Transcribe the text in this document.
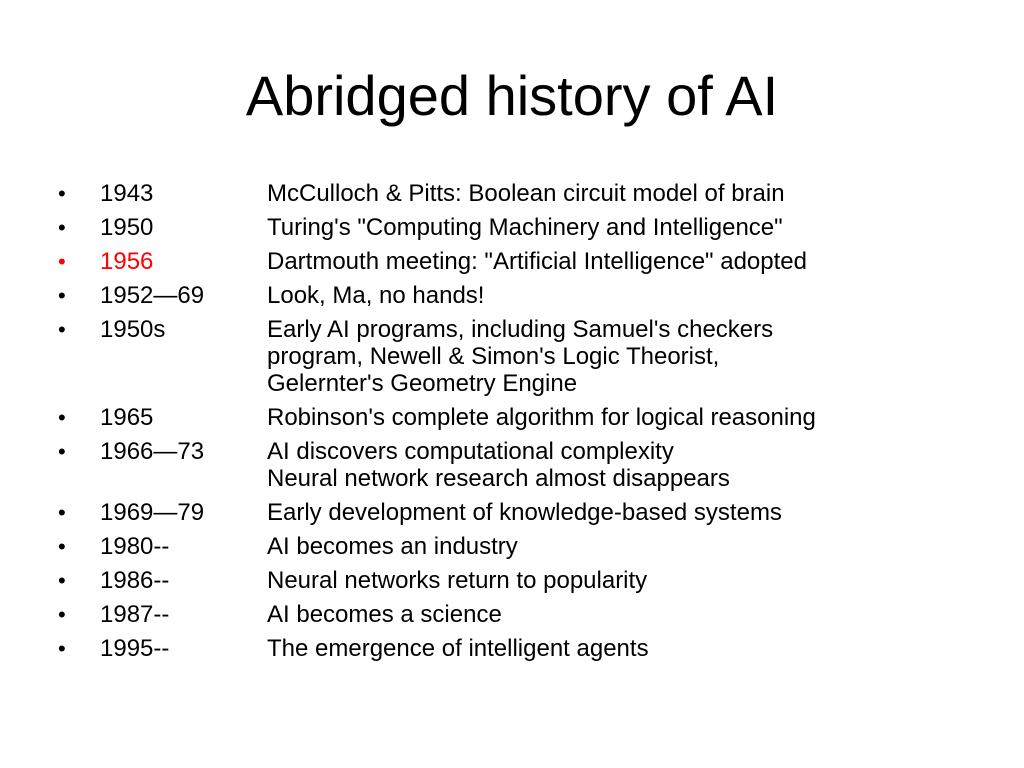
Abridged history of AI
•	1943	McCulloch & Pitts: Boolean circuit model of brain
•	1950	Turing's "Computing Machinery and Intelligence"
•	1956	Dartmouth meeting: "Artificial Intelligence" adopted
•	1952—69	Look, Ma, no hands!
•	1950s	Early AI programs, including Samuel's checkers
program, Newell & Simon's Logic Theorist,
Gelernter's Geometry Engine
•	1965	Robinson's complete algorithm for logical reasoning
•	1966—73	AI discovers computational complexity
Neural network research almost disappears
•	1969—79	Early development of knowledge-based systems
•	1980--	AI becomes an industry
•	1986--	Neural networks return to popularity
•	1987--	AI becomes a science
•	1995--	The emergence of intelligent agents
